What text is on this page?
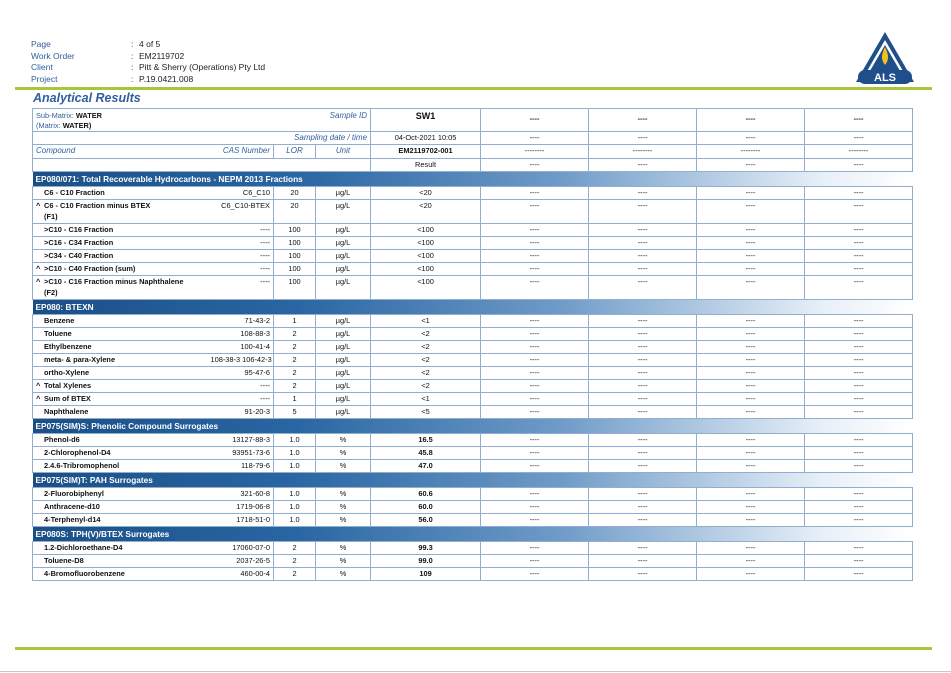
Page	: 4 of 5
Work Order	: EM2119702
Client	: Pitt & Sherry (Operations) Pty Ltd
Project	: P.19.0421.008	ALS
Analytical Results
Sub-Matrix: WATER
(Matrix: WATER)	Sample ID			SW1	----	----	----	----
Sampling date / time				04-Oct-2021 10:05	----	----	----	----
Compound	CAS Number	LOR	Unit	EM2119702-001	--------	--------	--------	--------
				Result	----	----	----	----
EP080/071: Total Recoverable Hydrocarbons - NEPM 2013 Fractions								
C6 - C10 Fraction	C6_C10	20	µg/L	<20	----	----	----	----
^ C6 - C10 Fraction minus BTEX
(F1)	C6_C10-BTEX	20	µg/L	<20	----	----	----	----
>C10 - C16 Fraction	----	100	µg/L	<100	----	----	----	----
>C16 - C34 Fraction	----	100	µg/L	<100	----	----	----	----
>C34 - C40 Fraction	----	100	µg/L	<100	----	----	----	----
^ >C10 - C40 Fraction (sum)	----	100	µg/L	<100	----	----	----	----
^ >C10 - C16 Fraction minus Naphthalene
(F2)	----	100	µg/L	<100	----	----	----	----
EP080: BTEXN								
Benzene	71-43-2	1	µg/L	<1	----	----	----	----
Toluene	108-88-3	2	µg/L	<2	----	----	----	----
Ethylbenzene	100-41-4	2	µg/L	<2	----	----	----	----
meta- & para-Xylene	108-38-3 106-42-3	2	µg/L	<2	----	----	----	----
ortho-Xylene	95-47-6	2	µg/L	<2	----	----	----	----
^ Total Xylenes	----	2	µg/L	<2	----	----	----	----
^ Sum of BTEX	----	1	µg/L	<1	----	----	----	----
Naphthalene	91-20-3	5	µg/L	<5	----	----	----	----
EP075(SIM)S: Phenolic Compound Surrogates								
Phenol-d6	13127-88-3	1.0	%	16.5	----	----	----	----
2-Chlorophenol-D4	93951-73-6	1.0	%	45.8	----	----	----	----
2.4.6-Tribromophenol	118-79-6	1.0	%	47.0	----	----	----	----
EP075(SIM)T: PAH Surrogates								
2-Fluorobiphenyl	321-60-8	1.0	%	60.6	----	----	----	----
Anthracene-d10	1719-06-8	1.0	%	60.0	----	----	----	----
4-Terphenyl-d14	1718-51-0	1.0	%	56.0	----	----	----	----
EP080S: TPH(V)/BTEX Surrogates								
1.2-Dichloroethane-D4	17060-07-0	2	%	99.3	----	----	----	----
Toluene-D8	2037-26-5	2	%	99.0	----	----	----	----
4-Bromofluorobenzene	460-00-4	2	%	109	----	----	----	----
